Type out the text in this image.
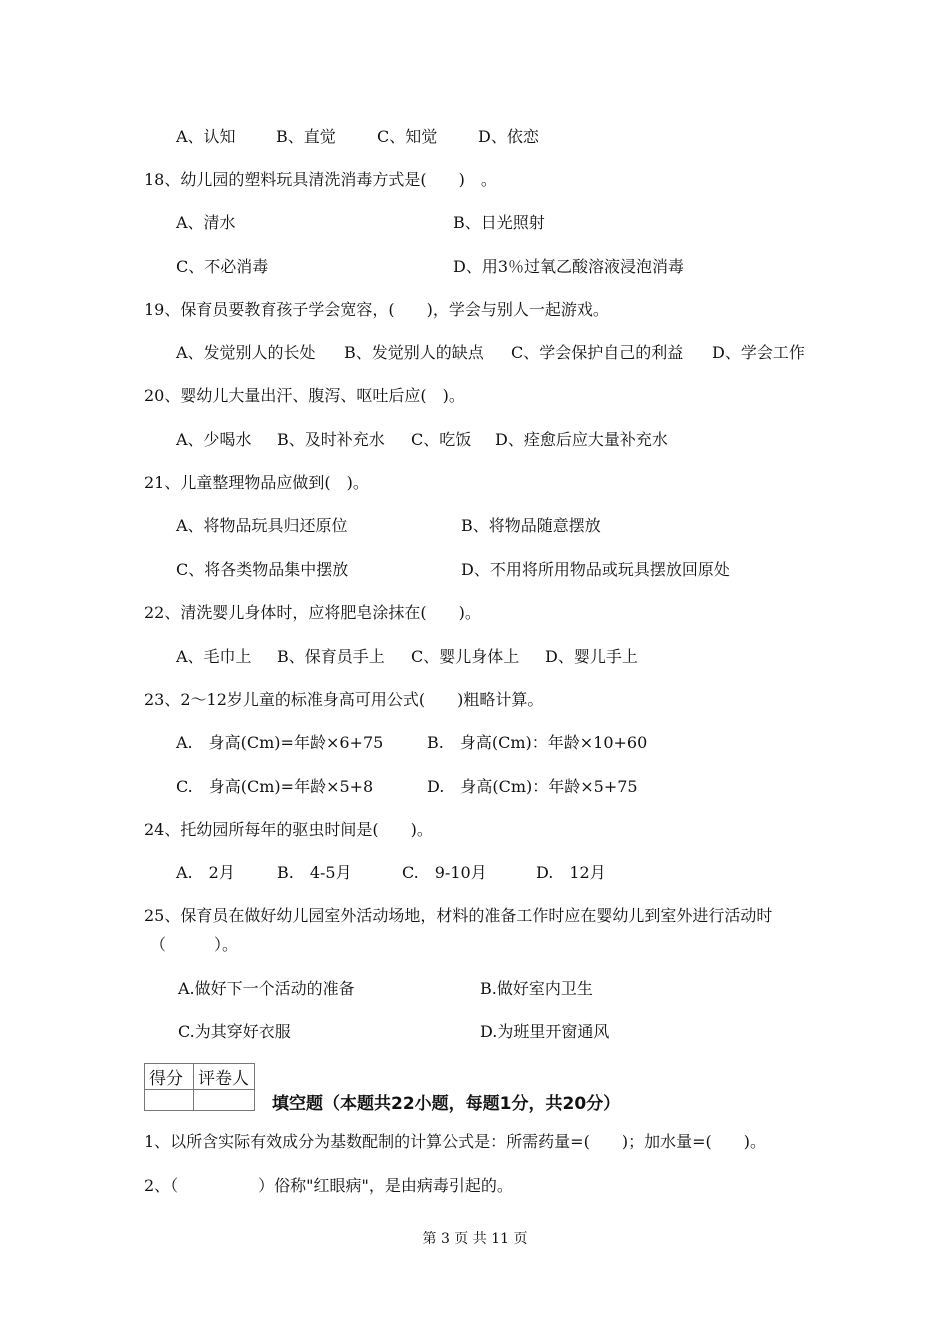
A、认知	B、直觉	C、知觉	D、依恋
18、幼儿园的塑料玩具清洗消毒方式是(　　)　。
A、清水	B、日光照射
C、不必消毒	D、用3％过氧乙酸溶液浸泡消毒
19、保育员要教育孩子学会宽容，(　　)，学会与别人一起游戏。
A、发觉别人的长处 B、发觉别人的缺点 C、学会保护自己的利益 D、学会工作
20、婴幼儿大量出汗、腹泻、呕吐后应(　)。
A、少喝水 B、及时补充水 C、吃饭 D、痊愈后应大量补充水
21、儿童整理物品应做到(　)。
A、将物品玩具归还原位	B、将物品随意摆放
C、将各类物品集中摆放	D、不用将所用物品或玩具摆放回原处
22、清洗婴儿身体时，应将肥皂涂抹在(　　)。
A、毛巾上 B、保育员手上 C、婴儿身体上 D、婴儿手上
23、2～12岁儿童的标准身高可用公式(　　)粗略计算。
A.　身高(Cm)=年龄×6+75	B.　身高(Cm)：年龄×10+60
C.　身高(Cm)=年龄×5+8	D.　身高(Cm)：年龄×5+75
24、托幼园所每年的驱虫时间是(　　)。
A.　2月	B.　4-5月	C.　9-10月	D.　12月
25、保育员在做好幼儿园室外活动场地，材料的准备工作时应在婴幼儿到室外进行活动时
（　　　）。
A.做好下一个活动的准备	B.做好室内卫生
C.为其穿好衣服	D.为班里开窗通风
得分	评卷人

填空题（本题共22小题，每题1分，共20分）
1、以所含实际有效成分为基数配制的计算公式是：所需药量=(　　)；加水量=(　　)。
2、（　　　　　）俗称"红眼病"，是由病毒引起的。
第 3 页 共 11 页
